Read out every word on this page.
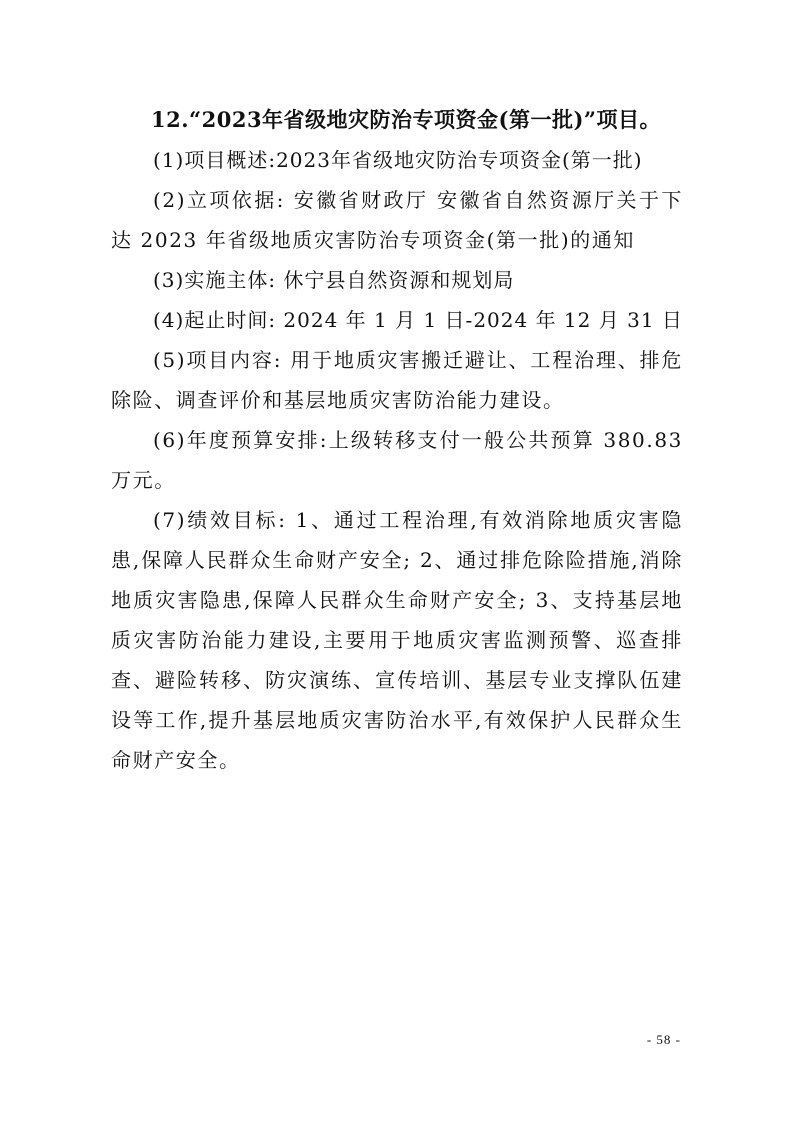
12.“2023年省级地灾防治专项资金(第一批)”项目。

(1)项目概述:2023年省级地灾防治专项资金(第一批)

(2)立项依据: 安徽省财政厅 安徽省自然资源厅关于下达 2023 年省级地质灾害防治专项资金(第一批)的通知

(3)实施主体: 休宁县自然资源和规划局

(4)起止时间: 2024 年 1 月 1 日-2024 年 12 月 31 日

(5)项目内容: 用于地质灾害搬迁避让、工程治理、排危除险、调查评价和基层地质灾害防治能力建设。

(6)年度预算安排:上级转移支付一般公共预算 380.83 万元。

(7)绩效目标: 1、通过工程治理,有效消除地质灾害隐患,保障人民群众生命财产安全; 2、通过排危除险措施,消除地质灾害隐患,保障人民群众生命财产安全; 3、支持基层地质灾害防治能力建设,主要用于地质灾害监测预警、巡查排查、避险转移、防灾演练、宣传培训、基层专业支撑队伍建设等工作,提升基层地质灾害防治水平,有效保护人民群众生命财产安全。

- 58 -
